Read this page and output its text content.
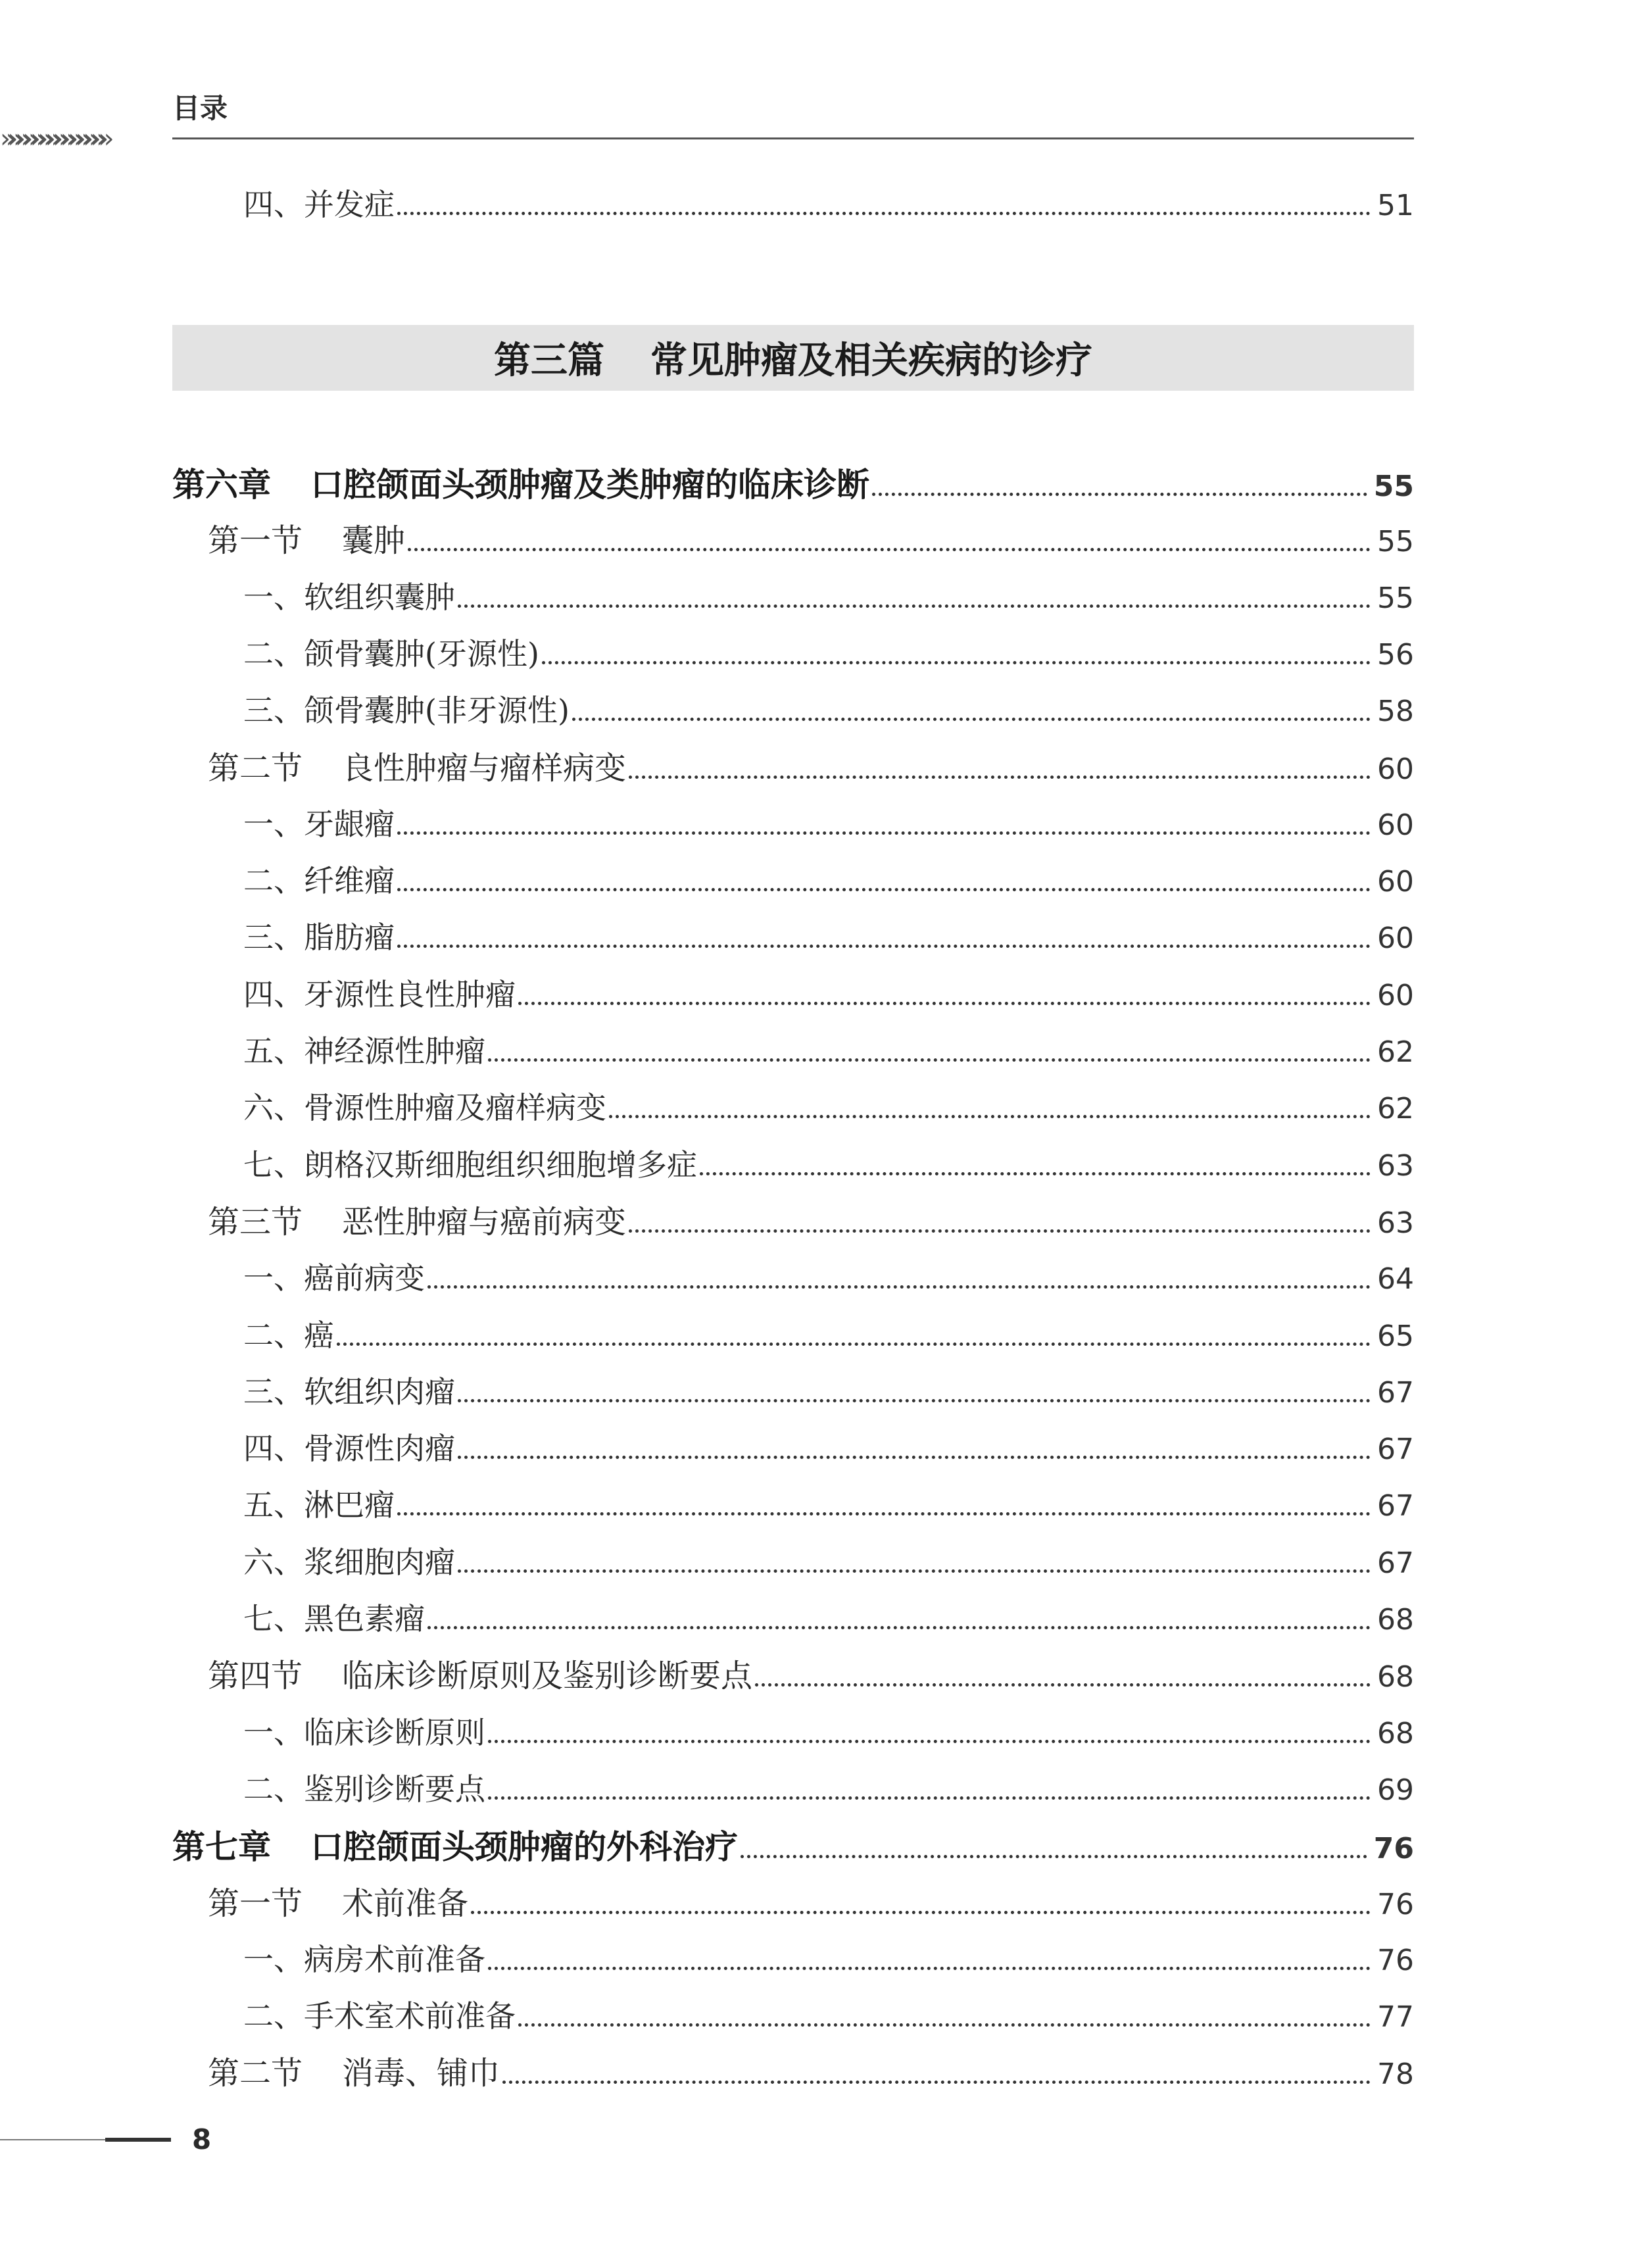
目录
»»»»»»»»»»»»»»
四、并发症	51
第三篇 常见肿瘤及相关疾病的诊疗
第六章 口腔颌面头颈肿瘤及类肿瘤的临床诊断	55
第一节 囊肿	55
一、软组织囊肿	55
二、颌骨囊肿(牙源性)	56
三、颌骨囊肿(非牙源性)	58
第二节 良性肿瘤与瘤样病变	60
一、牙龈瘤	60
二、纤维瘤	60
三、脂肪瘤	60
四、牙源性良性肿瘤	60
五、神经源性肿瘤	62
六、骨源性肿瘤及瘤样病变	62
七、朗格汉斯细胞组织细胞增多症	63
第三节 恶性肿瘤与癌前病变	63
一、癌前病变	64
二、癌	65
三、软组织肉瘤	67
四、骨源性肉瘤	67
五、淋巴瘤	67
六、浆细胞肉瘤	67
七、黑色素瘤	68
第四节 临床诊断原则及鉴别诊断要点	68
一、临床诊断原则	68
二、鉴别诊断要点	69
第七章 口腔颌面头颈肿瘤的外科治疗	76
第一节 术前准备	76
一、病房术前准备	76
二、手术室术前准备	77
第二节 消毒、铺巾	78
8
